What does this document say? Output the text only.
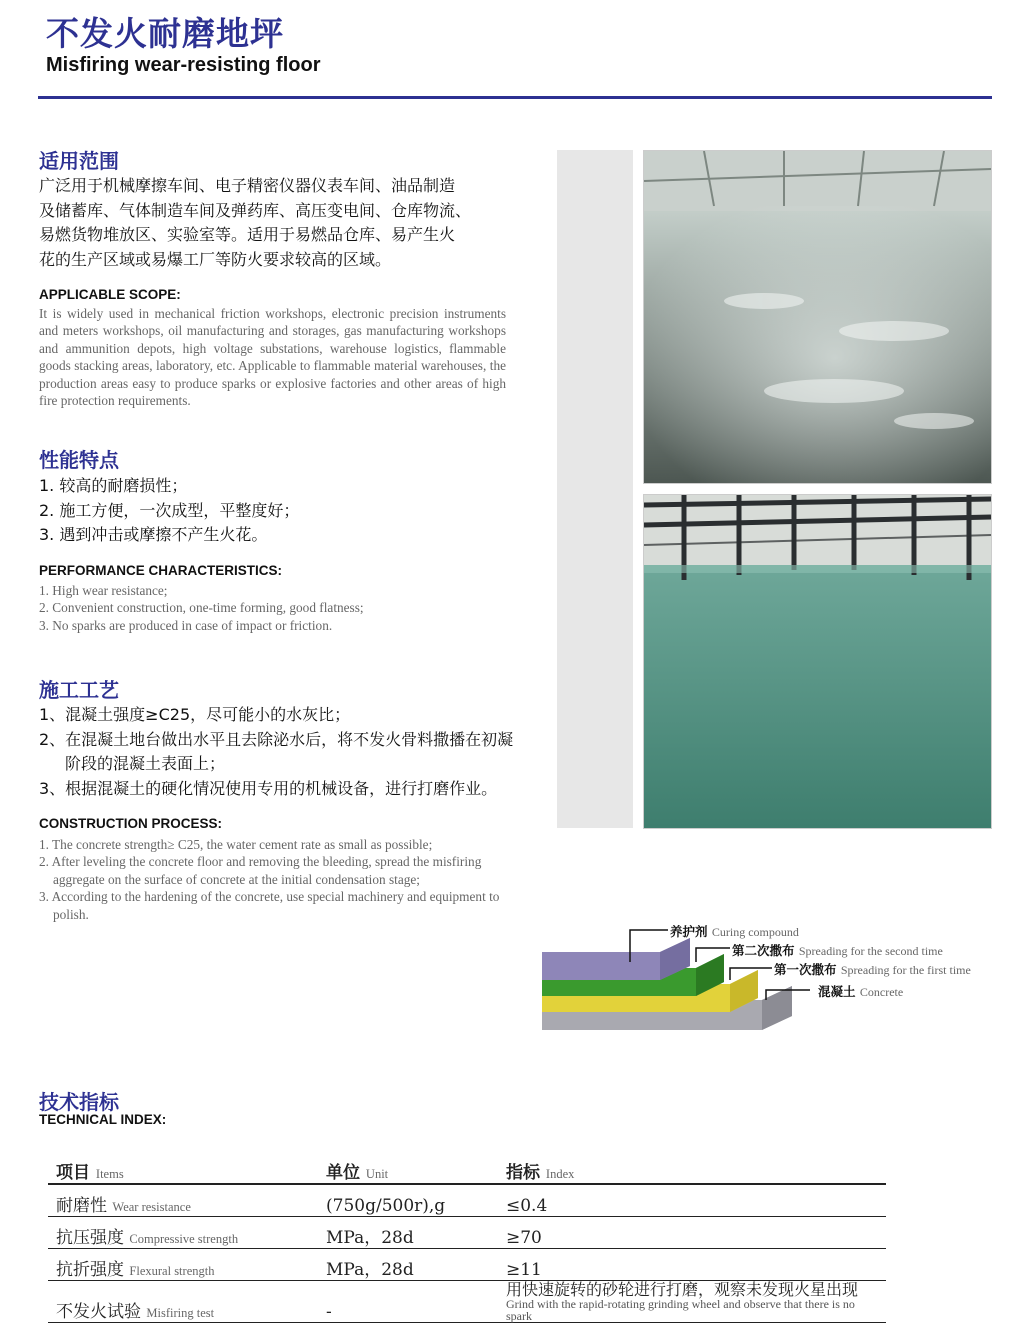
不发火耐磨地坪
Misfiring wear-resisting floor
适用范围
广泛用于机械摩擦车间、电子精密仪器仪表车间、油品制造
及储蓄库、气体制造车间及弹药库、高压变电间、仓库物流、
易燃货物堆放区、实验室等。适用于易燃品仓库、易产生火
花的生产区域或易爆工厂等防火要求较高的区域。
APPLICABLE SCOPE:
It is widely used in mechanical friction workshops, electronic precision instruments and meters workshops, oil manufacturing and storages, gas manufacturing workshops and ammunition depots, high voltage substations, warehouse logistics, flammable goods stacking areas, laboratory, etc. Applicable to flammable material warehouses, the production areas easy to produce sparks or explosive factories and other areas of high fire protection requirements.
性能特点
1. 较高的耐磨损性；
2. 施工方便，一次成型，平整度好；
3. 遇到冲击或摩擦不产生火花。
PERFORMANCE CHARACTERISTICS:
1. High wear resistance;
2. Convenient construction, one-time forming, good flatness;
3. No sparks are produced in case of impact or friction.
施工工艺
1、混凝土强度≥C25，尽可能小的水灰比；
2、在混凝土地台做出水平且去除泌水后，将不发火骨料撒播在初凝阶段的混凝土表面上；
3、根据混凝土的硬化情况使用专用的机械设备，进行打磨作业。
CONSTRUCTION PROCESS:
1. The concrete strength≥ C25, the water cement rate as small as possible;
2. After leveling the concrete floor and removing the bleeding, spread the misfiring aggregate on the surface of concrete at the initial condensation stage;
3. According to the hardening of the concrete, use special machinery and equipment to polish.
养护剂 Curing compound
第二次撒布 Spreading for the second time
第一次撒布 Spreading for the first time
混凝土 Concrete
技术指标
TECHNICAL INDEX:
项目 Items	单位 Unit	指标 Index
耐磨性 Wear resistance	(750g/500r),g	≤0.4
抗压强度 Compressive strength	MPa，28d	≥70
抗折强度 Flexural strength	MPa，28d	≥11
不发火试验 Misfiring test	-	用快速旋转的砂轮进行打磨，观察未发现火星出现
Grind with the rapid-rotating grinding wheel and observe that there is no spark
